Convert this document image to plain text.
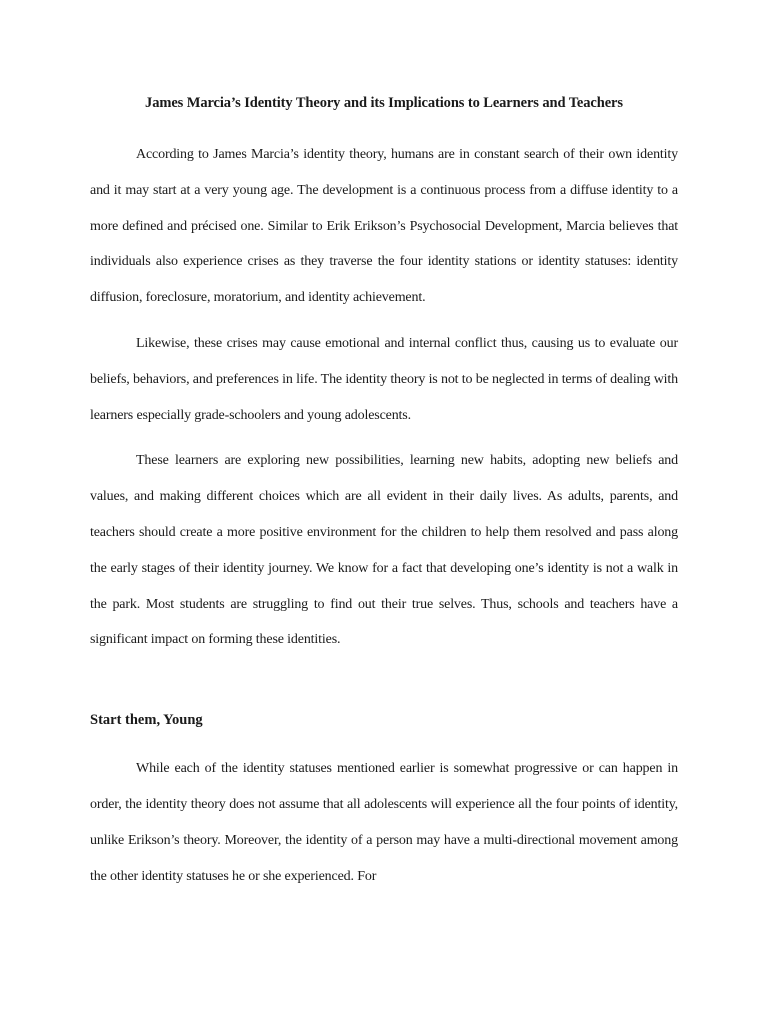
James Marcia’s Identity Theory and its Implications to Learners and Teachers

According to James Marcia’s identity theory, humans are in constant search of their own identity and it may start at a very young age. The development is a continuous process from a diffuse identity to a more defined and précised one. Similar to Erik Erikson’s Psychosocial Development, Marcia believes that individuals also experience crises as they traverse the four identity stations or identity statuses: identity diffusion, foreclosure, moratorium, and identity achievement.

Likewise, these crises may cause emotional and internal conflict thus, causing us to evaluate our beliefs, behaviors, and preferences in life. The identity theory is not to be neglected in terms of dealing with learners especially grade-schoolers and young adolescents.

These learners are exploring new possibilities, learning new habits, adopting new beliefs and values, and making different choices which are all evident in their daily lives. As adults, parents, and teachers should create a more positive environment for the children to help them resolved and pass along the early stages of their identity journey. We know for a fact that developing one’s identity is not a walk in the park. Most students are struggling to find out their true selves. Thus, schools and teachers have a significant impact on forming these identities.

Start them, Young

While each of the identity statuses mentioned earlier is somewhat progressive or can happen in order, the identity theory does not assume that all adolescents will experience all the four points of identity, unlike Erikson’s theory. Moreover, the identity of a person may have a multi-directional movement among the other identity statuses he or she experienced. For
